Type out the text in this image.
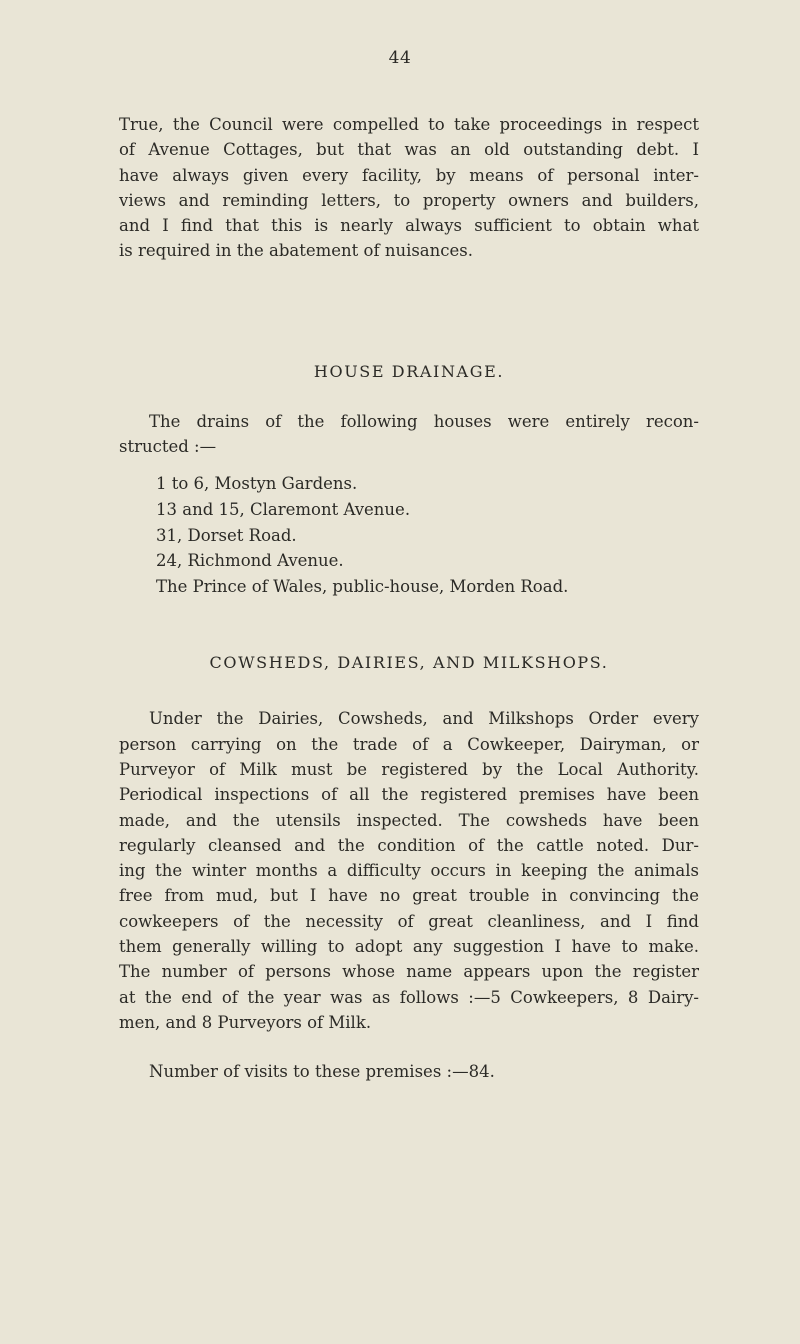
44

True, the Council were compelled to take proceedings in respect
of Avenue Cottages, but that was an old outstanding debt. I
have always given every facility, by means of personal inter-
views and reminding letters, to property owners and builders,
and I find that this is nearly always sufficient to obtain what
is required in the abatement of nuisances.

HOUSE DRAINAGE.

The drains of the following houses were entirely recon-
structed :—

1 to 6, Mostyn Gardens.
13 and 15, Claremont Avenue.
31, Dorset Road.
24, Richmond Avenue.
The Prince of Wales, public-house, Morden Road.
COWSHEDS, DAIRIES, AND MILKSHOPS.

Under the Dairies, Cowsheds, and Milkshops Order every
person carrying on the trade of a Cowkeeper, Dairyman, or
Purveyor of Milk must be registered by the Local Authority.
Periodical inspections of all the registered premises have been
made, and the utensils inspected. The cowsheds have been
regularly cleansed and the condition of the cattle noted. Dur-
ing the winter months a difficulty occurs in keeping the animals
free from mud, but I have no great trouble in convincing the
cowkeepers of the necessity of great cleanliness, and I find
them generally willing to adopt any suggestion I have to make.
The number of persons whose name appears upon the register
at the end of the year was as follows :—5 Cowkeepers, 8 Dairy-
men, and 8 Purveyors of Milk.

Number of visits to these premises :—84.
